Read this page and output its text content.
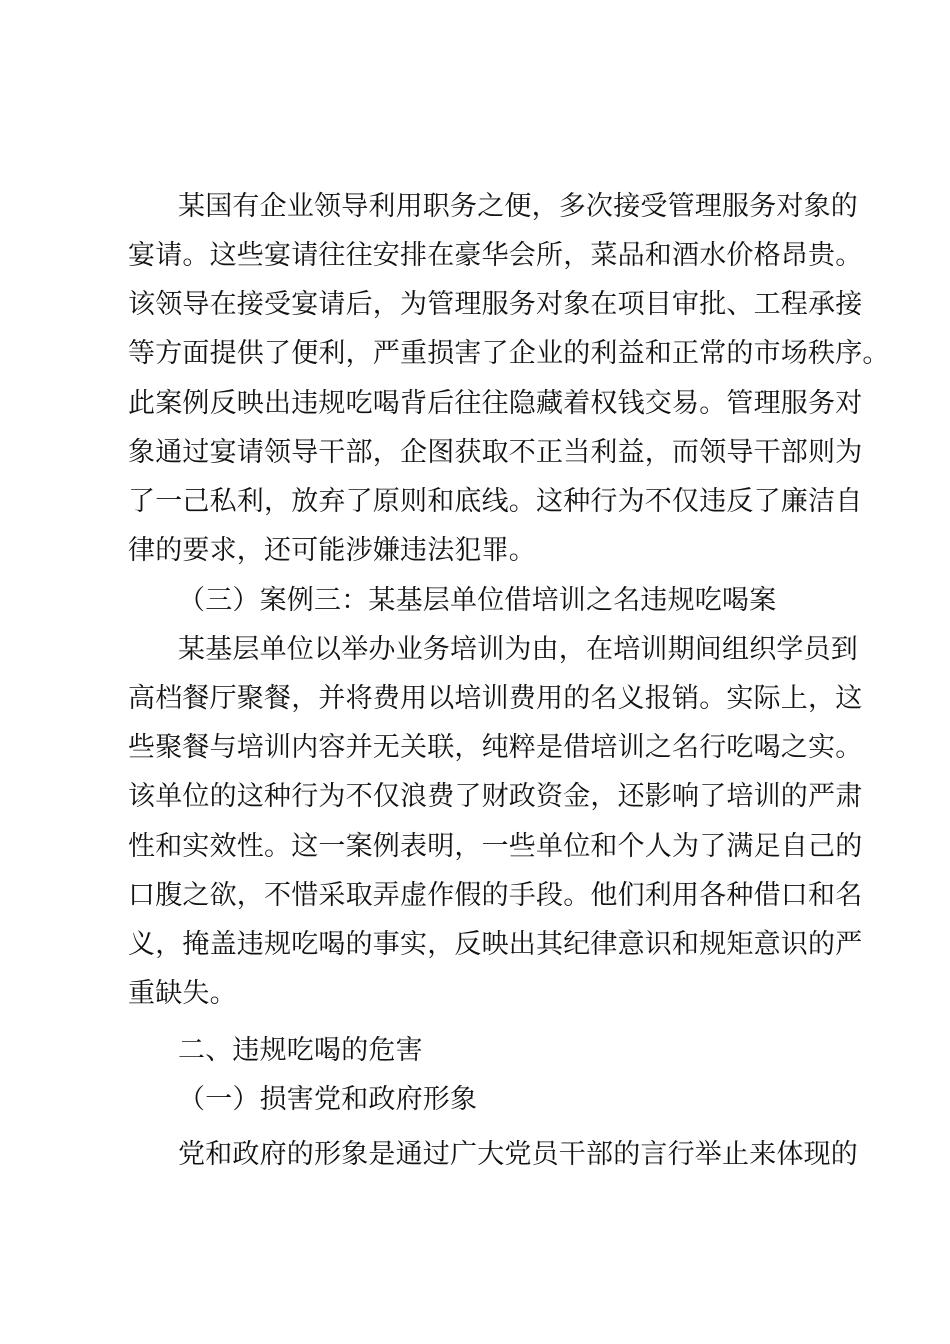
某国有企业领导利用职务之便，多次接受管理服务对象的
宴请。这些宴请往往安排在豪华会所，菜品和酒水价格昂贵。
该领导在接受宴请后，为管理服务对象在项目审批、工程承接
等方面提供了便利，严重损害了企业的利益和正常的市场秩序。
此案例反映出违规吃喝背后往往隐藏着权钱交易。管理服务对
象通过宴请领导干部，企图获取不正当利益，而领导干部则为
了一己私利，放弃了原则和底线。这种行为不仅违反了廉洁自
律的要求，还可能涉嫌违法犯罪。
（三）案例三：某基层单位借培训之名违规吃喝案
某基层单位以举办业务培训为由，在培训期间组织学员到
高档餐厅聚餐，并将费用以培训费用的名义报销。实际上，这
些聚餐与培训内容并无关联，纯粹是借培训之名行吃喝之实。
该单位的这种行为不仅浪费了财政资金，还影响了培训的严肃
性和实效性。这一案例表明，一些单位和个人为了满足自己的
口腹之欲，不惜采取弄虚作假的手段。他们利用各种借口和名
义，掩盖违规吃喝的事实，反映出其纪律意识和规矩意识的严
重缺失。
二、违规吃喝的危害
（一）损害党和政府形象
党和政府的形象是通过广大党员干部的言行举止来体现的
